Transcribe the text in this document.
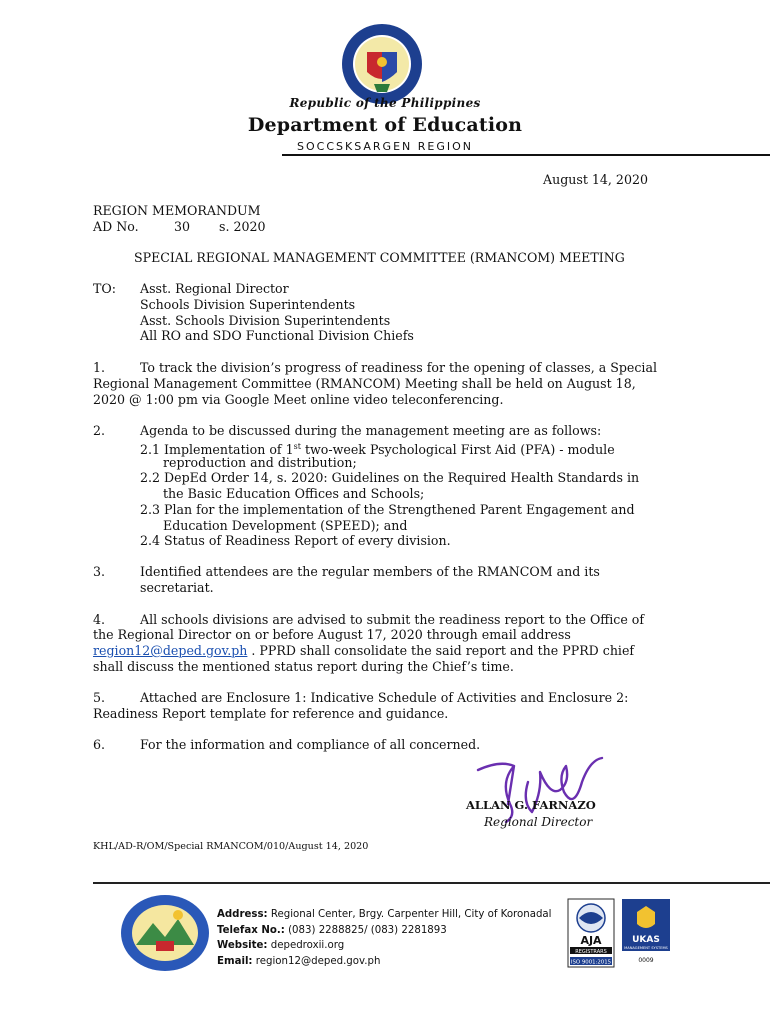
Republic of the Philippines
Department of Education
SOCCSKSARGEN REGION
August 14, 2020
REGION MEMORANDUM
AD No.	30 s. 2020
SPECIAL REGIONAL MANAGEMENT COMMITTEE (RMANCOM) MEETING
TO: Asst. Regional Director
Schools Division Superintendents
Asst. Schools Division Superintendents
All RO and SDO Functional Division Chiefs
1.	To track the division’s progress of readiness for the opening of classes, a Special
Regional Management Committee (RMANCOM) Meeting shall be held on August 18,
2020 @ 1:00 pm via Google Meet online video teleconferencing.
2.	Agenda to be discussed during the management meeting are as follows:
2.1 Implementation of 1st two-week Psychological First Aid (PFA) - module
reproduction and distribution;
2.2 DepEd Order 14, s. 2020: Guidelines on the Required Health Standards in
the Basic Education Offices and Schools;
2.3 Plan for the implementation of the Strengthened Parent Engagement and
Education Development (SPEED); and
2.4 Status of Readiness Report of every division.
3.	Identified attendees are the regular members of the RMANCOM and its
secretariat.
4.	All schools divisions are advised to submit the readiness report to the Office of
the Regional Director on or before August 17, 2020 through email address
region12@deped.gov.ph . PPRD shall consolidate the said report and the PPRD chief
shall discuss the mentioned status report during the Chief’s time.
5.	Attached are Enclosure 1: Indicative Schedule of Activities and Enclosure 2:
Readiness Report template for reference and guidance.
6.	For the information and compliance of all concerned.
ALLAN G. FARNAZO
Regional Director
KHL/AD-R/OM/Special RMANCOM/010/August 14, 2020
Address: Regional Center, Brgy. Carpenter Hill, City of Koronadal
Telefax No.: (083) 2288825/ (083) 2281893
Website: depedroxii.org
Email: region12@deped.gov.ph
AJA
REGISTRARS
ISO 9001:2015
UKAS
MANAGEMENT SYSTEMS
0009
